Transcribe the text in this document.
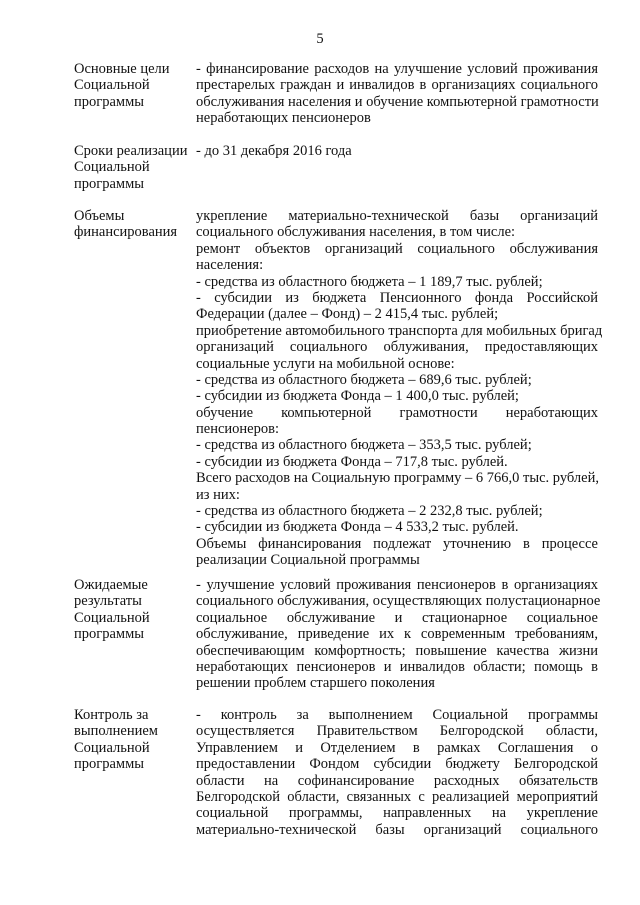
5
Основные цели
Социальной
программы
- финансирование расходов на улучшение условий проживания
престарелых граждан и инвалидов в организациях социального
обслуживания населения и обучение компьютерной грамотности
неработающих пенсионеров
Сроки реализации
Социальной
программы
- до 31 декабря 2016 года
Объемы
финансирования
укрепление материально-технической базы организаций
социального обслуживания населения, в том числе:
ремонт объектов организаций социального обслуживания
населения:
- средства из областного бюджета – 1 189,7 тыс. рублей;
- субсидии из бюджета Пенсионного фонда Российской
Федерации (далее – Фонд) – 2 415,4 тыс. рублей;
приобретение автомобильного транспорта для мобильных бригад
организаций социального облуживания, предоставляющих
социальные услуги на мобильной основе:
- средства из областного бюджета – 689,6 тыс. рублей;
- субсидии из бюджета Фонда – 1 400,0 тыс. рублей;
обучение компьютерной грамотности неработающих
пенсионеров:
- средства из областного бюджета – 353,5 тыс. рублей;
- субсидии из бюджета Фонда – 717,8 тыс. рублей.
Всего расходов на Социальную программу – 6 766,0 тыс. рублей,
из них:
- средства из областного бюджета – 2 232,8 тыс. рублей;
- субсидии из бюджета Фонда – 4 533,2 тыс. рублей.
Объемы финансирования подлежат уточнению в процессе
реализации Социальной программы
Ожидаемые
результаты
Социальной
программы
- улучшение условий проживания пенсионеров в организациях
социального обслуживания, осуществляющих полустационарное
социальное обслуживание и стационарное социальное
обслуживание, приведение их к современным требованиям,
обеспечивающим комфортность; повышение качества жизни
неработающих пенсионеров и инвалидов области; помощь в
решении проблем старшего поколения
Контроль за
выполнением
Социальной
программы
- контроль за выполнением Социальной программы
осуществляется Правительством Белгородской области,
Управлением и Отделением в рамках Соглашения о
предоставлении Фондом субсидии бюджету Белгородской
области на софинансирование расходных обязательств
Белгородской области, связанных с реализацией мероприятий
социальной программы, направленных на укрепление
материально-технической базы организаций социального
